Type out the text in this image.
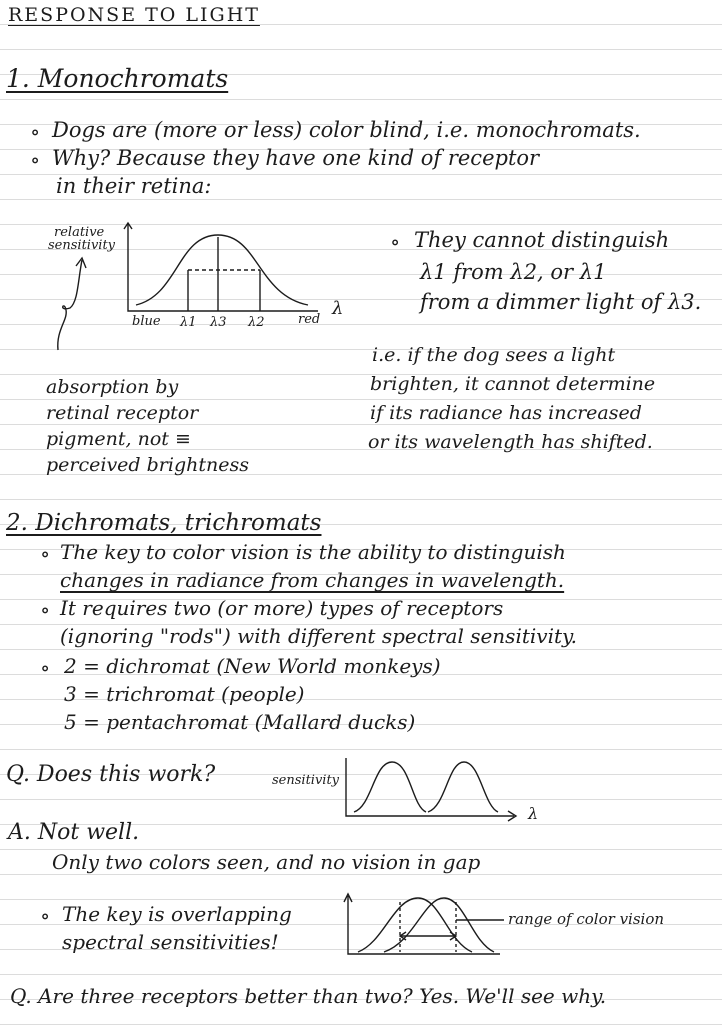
RESPONSE TO LIGHT
1. Monochromats
∘ Dogs are (more or less) color blind, i.e. monochromats.
∘ Why? Because they have one kind of receptor
in their retina:
relative
sensitivity
blue λ1 λ3 λ2	red
λ
absorption by
retinal receptor
pigment, not ≡
perceived brightness
∘ They cannot distinguish
λ1 from λ2, or λ1
from a dimmer light of λ3.
i.e. if the dog sees a light
brighten, it cannot determine
if its radiance has increased
or its wavelength has shifted.
2. Dichromats, trichromats
∘ The key to color vision is the ability to distinguish
changes in radiance from changes in wavelength.
∘ It requires two (or more) types of receptors
(ignoring "rods") with different spectral sensitivity.
∘ 2 = dichromat (New World monkeys)
3 = trichromat (people)
5 = pentachromat (Mallard ducks)
Q. Does this work?	sensitivity
λ
A. Not well.
Only two colors seen, and no vision in gap
∘ The key is overlapping
spectral sensitivities!
range of color vision
Q. Are three receptors better than two? Yes. We'll see why.
